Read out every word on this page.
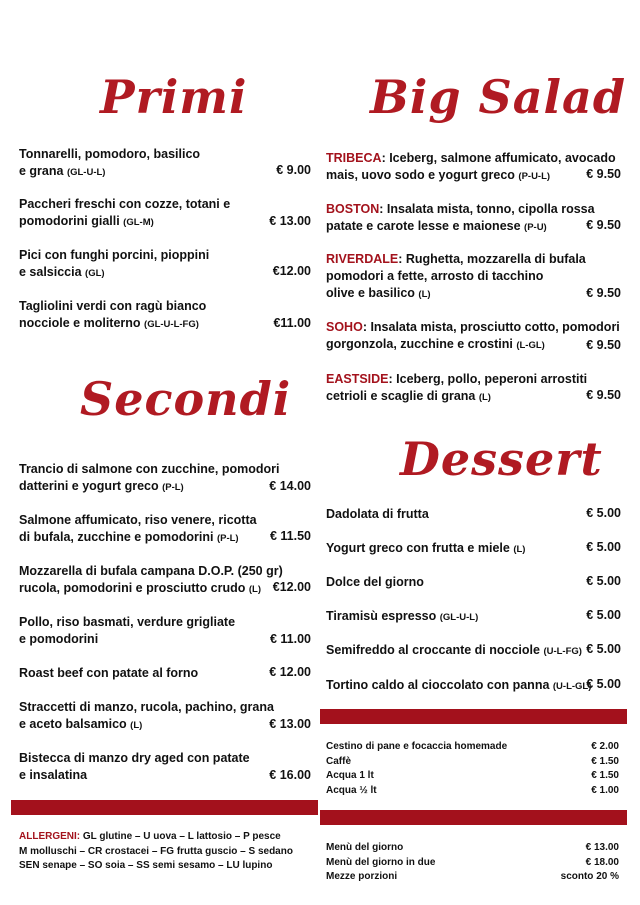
Primi	Big Salad
Secondi
Dessert
Tonnarelli, pomodoro, basilico
e grana (GL-U-L)	€ 9.00
Paccheri freschi con cozze, totani e
pomodorini gialli (GL-M)	€ 13.00
Pici con funghi porcini, pioppini
e salsiccia (GL)	€12.00
Tagliolini verdi con ragù bianco
nocciole e moliterno (GL-U-L-FG)	€11.00
Trancio di salmone con zucchine, pomodori
datterini e yogurt greco (P-L)	€ 14.00
Salmone affumicato, riso venere, ricotta
di bufala, zucchine e pomodorini (P-L)	€ 11.50
Mozzarella di bufala campana D.O.P. (250 gr)
rucola, pomodorini e prosciutto crudo (L) €12.00
Pollo, riso basmati, verdure grigliate
e pomodorini	€ 11.00
Roast beef con patate al forno	€ 12.00
Straccetti di manzo, rucola, pachino, grana
e aceto balsamico (L)	€ 13.00
Bistecca di manzo dry aged con patate
e insalatina	€ 16.00
TRIBECA: Iceberg, salmone affumicato, avocado
mais, uovo sodo e yogurt greco (P-U-L)	€ 9.50
BOSTON: Insalata mista, tonno, cipolla rossa
patate e carote lesse e maionese (P-U)	€ 9.50
RIVERDALE: Rughetta, mozzarella di bufala
pomodori a fette, arrosto di tacchino
olive e basilico (L)	€ 9.50
SOHO: Insalata mista, prosciutto cotto, pomodori
gorgonzola, zucchine e crostini (L-GL)	€ 9.50
EASTSIDE: Iceberg, pollo, peperoni arrostiti
cetrioli e scaglie di grana (L)	€ 9.50
Dadolata di frutta	€ 5.00
Yogurt greco con frutta e miele (L)	€ 5.00
Dolce del giorno	€ 5.00
Tiramisù espresso (GL-U-L)	€ 5.00
Semifreddo al croccante di nocciole (U-L-FG) € 5.00
Tortino caldo al cioccolato con panna (U-L-GL)
€ 5.00
Cestino di pane e focaccia homemade	€ 2.00
Caffè	€ 1.50
Acqua 1 lt	€ 1.50
Acqua ½ lt	€ 1.00
Menù del giorno	€ 13.00
Menù del giorno in due	€ 18.00
Mezze porzioni	sconto 20 %
ALLERGENI: GL glutine – U uova – L lattosio – P pesce
M molluschi – CR crostacei – FG frutta guscio – S sedano
SEN senape – SO soia – SS semi sesamo – LU lupino
